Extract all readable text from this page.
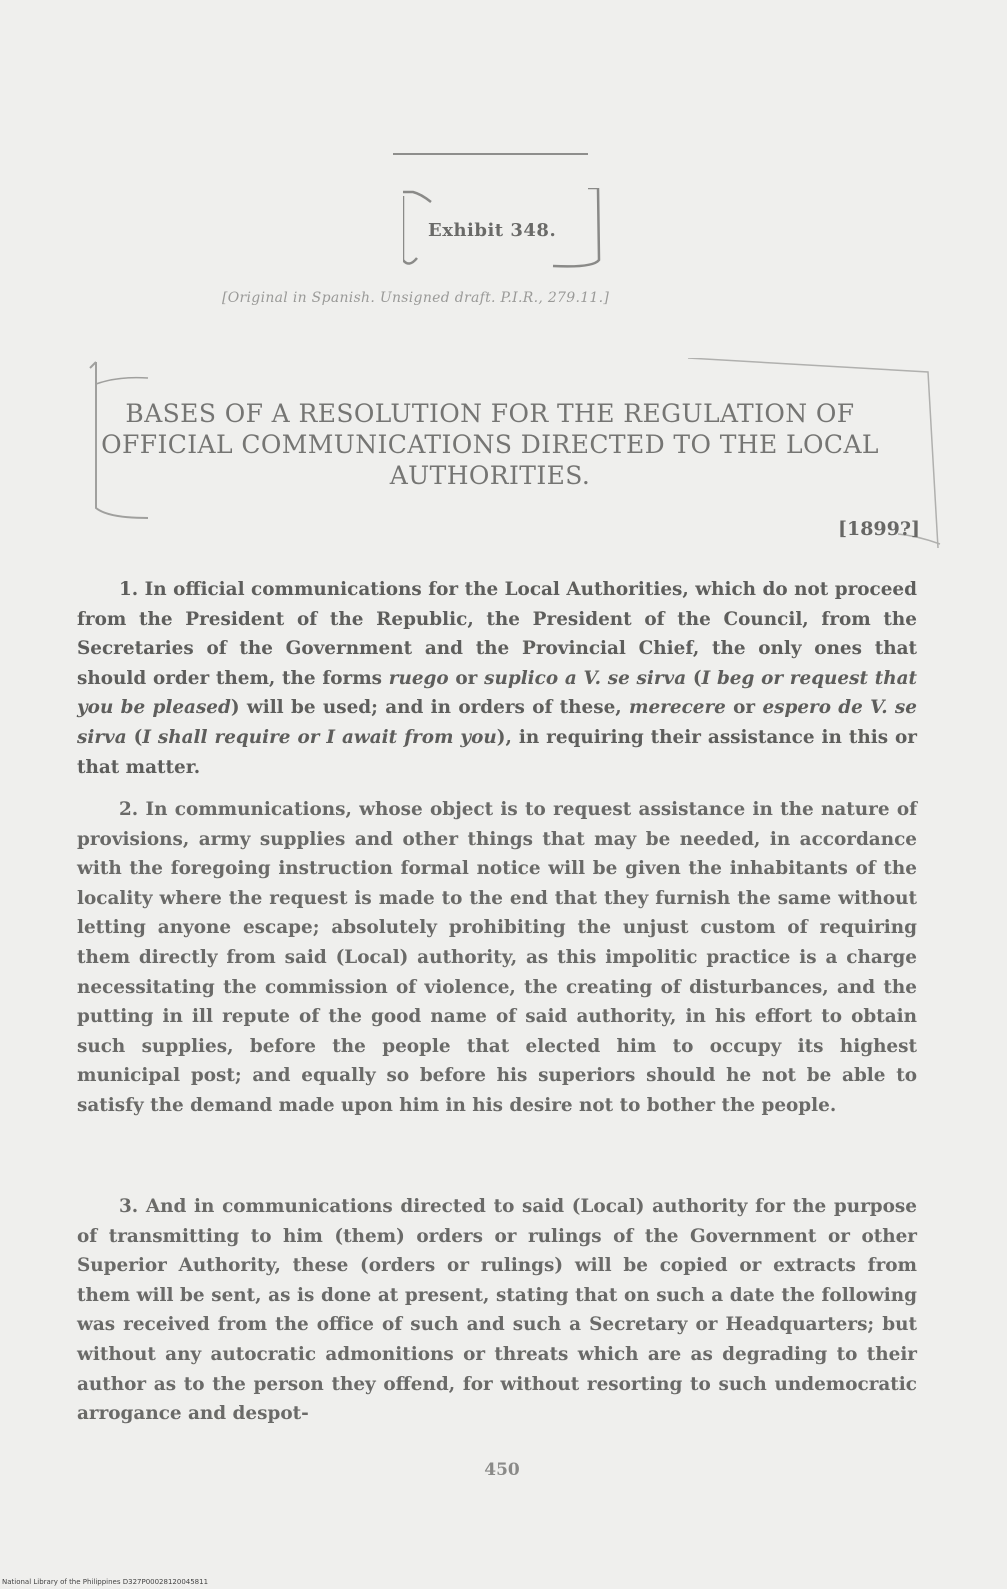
Exhibit 348.
[Original in Spanish. Unsigned draft. P.I.R., 279.11.]
BASES OF A RESOLUTION FOR THE REGULATION OF OFFICIAL COMMUNICATIONS DIRECTED TO THE LOCAL AUTHORITIES.
[1899?]

1. In official communications for the Local Authorities, which do not proceed from the President of the Republic, the President of the Council, from the Secretaries of the Government and the Provincial Chief, the only ones that should order them, the forms ruego or suplico a V. se sirva (I beg or request that you be pleased) will be used; and in orders of these, merecere or espero de V. se sirva (I shall require or I await from you), in requiring their assistance in this or that matter.

2. In communications, whose object is to request assistance in the nature of provisions, army supplies and other things that may be needed, in accordance with the foregoing instruction formal notice will be given the inhabitants of the locality where the request is made to the end that they furnish the same without letting anyone escape; absolutely prohibiting the unjust custom of requiring them directly from said (Local) authority, as this impolitic practice is a charge necessitating the commission of violence, the creating of disturbances, and the putting in ill repute of the good name of said authority, in his effort to obtain such supplies, before the people that elected him to occupy its highest municipal post; and equally so before his superiors should he not be able to satisfy the demand made upon him in his desire not to bother the people.

3. And in communications directed to said (Local) authority for the purpose of transmitting to him (them) orders or rulings of the Government or other Superior Authority, these (orders or rulings) will be copied or extracts from them will be sent, as is done at present, stating that on such a date the following was received from the office of such and such a Secretary or Headquarters; but without any autocratic admonitions or threats which are as degrading to their author as to the person they offend, for without resorting to such undemocratic arrogance and despot-

450
National Library of the Philippines D327P00028120045811
